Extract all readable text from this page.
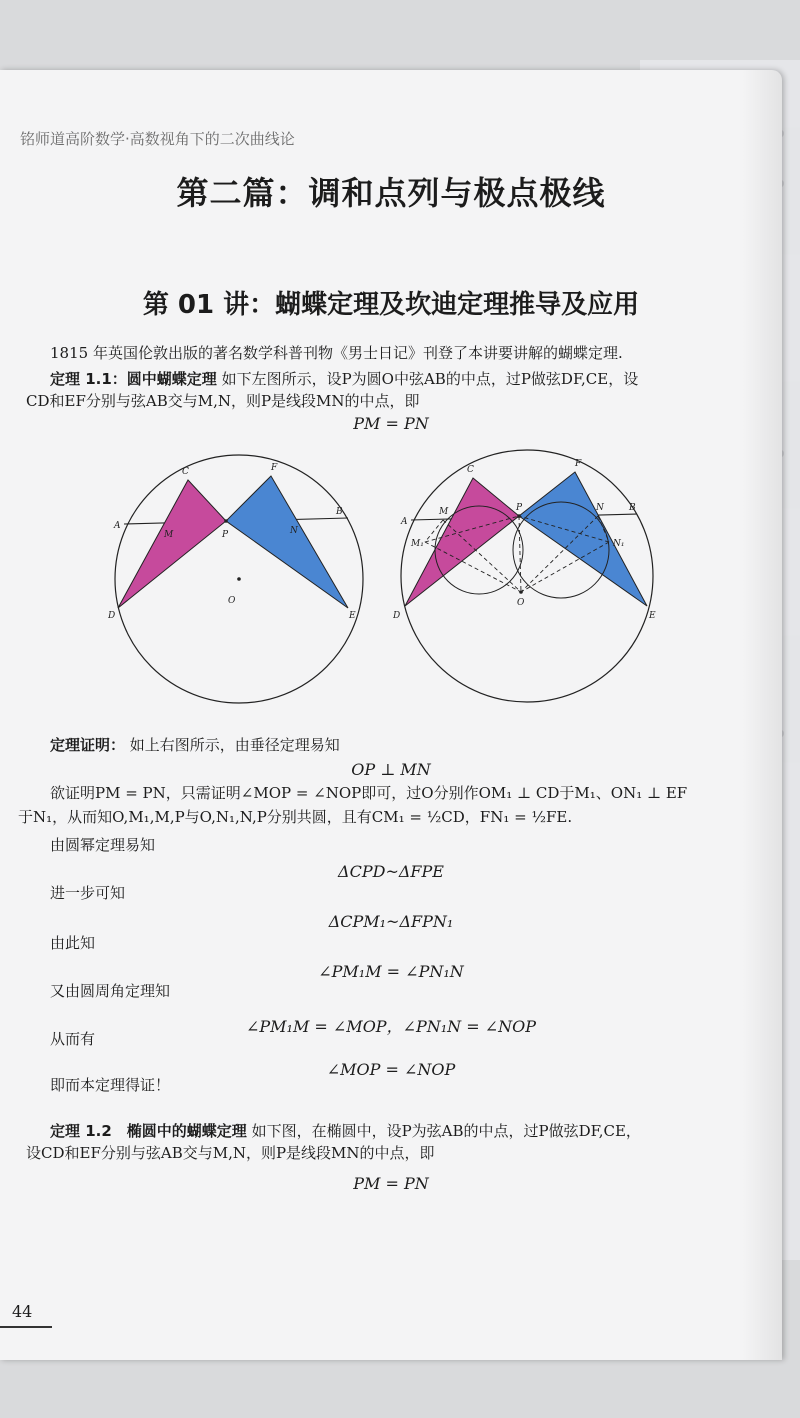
铭师道高阶数学·高数视角下的二次曲线论
第二篇：调和点列与极点极线
第 01 讲：蝴蝶定理及坎迪定理推导及应用
1815 年英国伦敦出版的著名数学科普刊物《男士日记》刊登了本讲要讲解的蝴蝶定理.
定理 1.1：圆中蝴蝶定理 如下左图所示，设P为圆O中弦AB的中点，过P做弦DF,CE，设
CD和EF分别与弦AB交与M,N，则P是线段MN的中点，即
PM = PN
C	F
A
B
M	P	N
O
D	E
C
F
A
B
M	P	N
M₁	N₁
O
D	E
定理证明： 如上右图所示，由垂径定理易知
OP ⊥ MN
欲证明PM = PN，只需证明∠MOP = ∠NOP即可，过O分别作OM₁ ⊥ CD于M₁、ON₁ ⊥ EF
于N₁，从而知O,M₁,M,P与O,N₁,N,P分别共圆，且有CM₁ = ½CD，FN₁ = ½FE.
由圆幂定理易知
ΔCPD~ΔFPE
进一步可知
ΔCPM₁~ΔFPN₁
由此知
∠PM₁M = ∠PN₁N
又由圆周角定理知
∠PM₁M = ∠MOP，∠PN₁N = ∠NOP
从而有
∠MOP = ∠NOP
即而本定理得证！
定理 1.2　椭圆中的蝴蝶定理 如下图，在椭圆中，设P为弦AB的中点，过P做弦DF,CE，
设CD和EF分别与弦AB交与M,N，则P是线段MN的中点，即
PM = PN
44
